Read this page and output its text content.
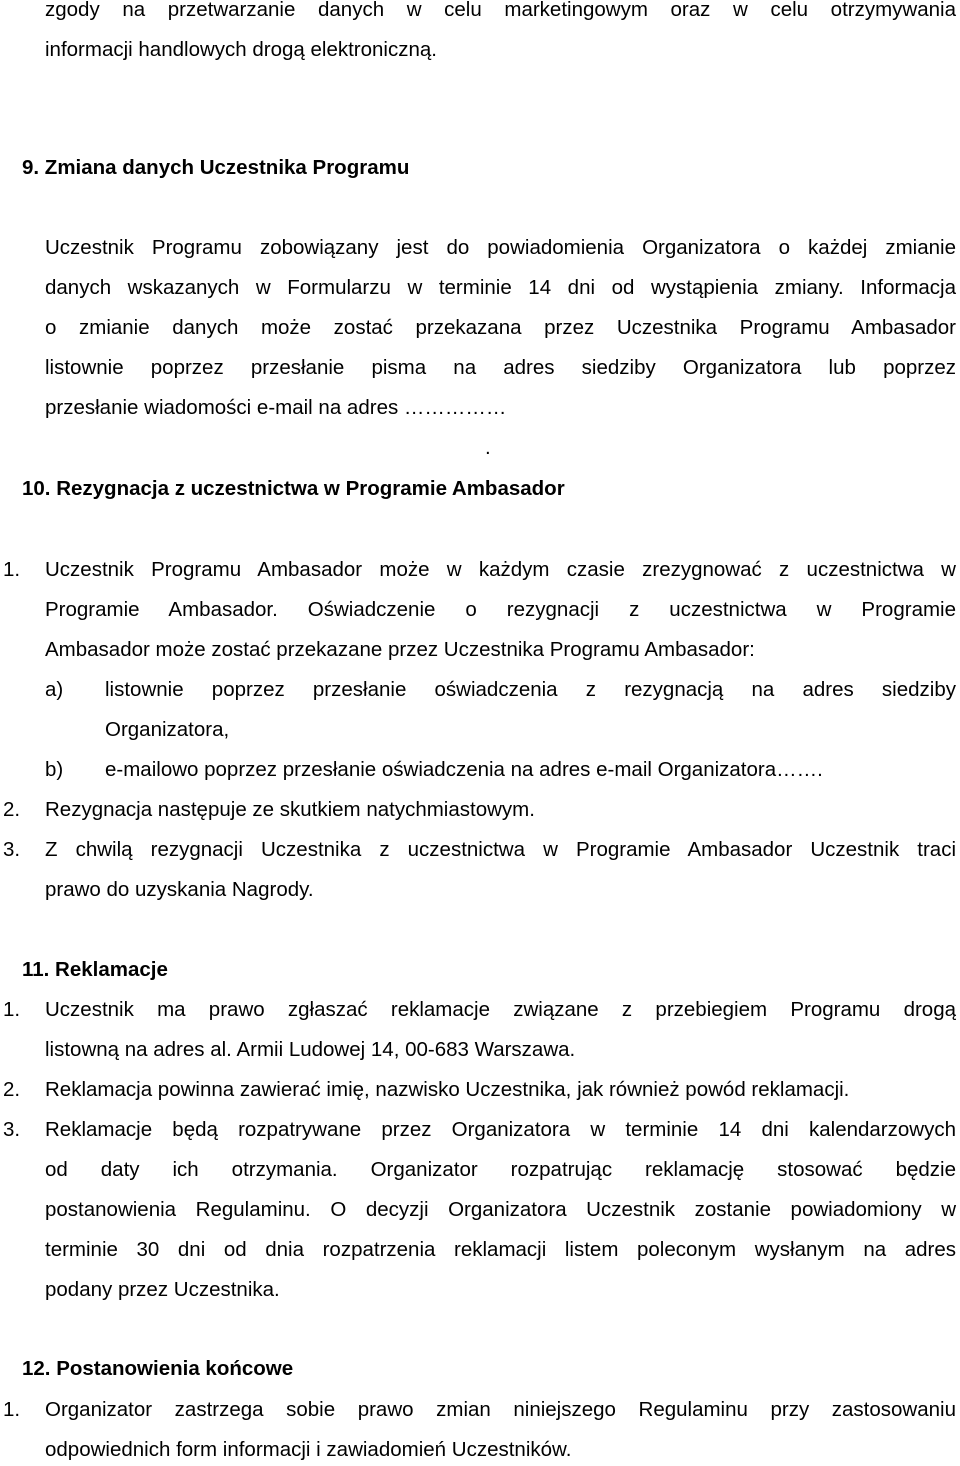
zgody na przetwarzanie danych w celu marketingowym oraz w celu otrzymywania
informacji handlowych drogą elektroniczną.
9. Zmiana danych Uczestnika Programu
Uczestnik Programu zobowiązany jest do powiadomienia Organizatora o każdej zmianie
danych wskazanych w Formularzu w terminie 14 dni od wystąpienia zmiany. Informacja
o zmianie danych może zostać przekazana przez Uczestnika Programu Ambasador
listownie poprzez przesłanie pisma na adres siedziby Organizatora lub poprzez
przesłanie wiadomości e-mail na adres ……………
.
10. Rezygnacja z uczestnictwa w Programie Ambasador
1. Uczestnik Programu Ambasador może w każdym czasie zrezygnować z uczestnictwa w
Programie Ambasador. Oświadczenie o rezygnacji z uczestnictwa w Programie
Ambasador może zostać przekazane przez Uczestnika Programu Ambasador:
a) listownie poprzez przesłanie oświadczenia z rezygnacją na adres siedziby
Organizatora,
b) e-mailowo poprzez przesłanie oświadczenia na adres e-mail Organizatora…….
2. Rezygnacja następuje ze skutkiem natychmiastowym.
3. Z chwilą rezygnacji Uczestnika z uczestnictwa w Programie Ambasador Uczestnik traci
prawo do uzyskania Nagrody.
11. Reklamacje
1. Uczestnik ma prawo zgłaszać reklamacje związane z przebiegiem Programu drogą
listowną na adres al. Armii Ludowej 14, 00-683 Warszawa.
2. Reklamacja powinna zawierać imię, nazwisko Uczestnika, jak również powód reklamacji.
3. Reklamacje będą rozpatrywane przez Organizatora w terminie 14 dni kalendarzowych
od daty ich otrzymania. Organizator rozpatrując reklamację stosować będzie
postanowienia Regulaminu. O decyzji Organizatora Uczestnik zostanie powiadomiony w
terminie 30 dni od dnia rozpatrzenia reklamacji listem poleconym wysłanym na adres
podany przez Uczestnika.
12. Postanowienia końcowe
1. Organizator zastrzega sobie prawo zmian niniejszego Regulaminu przy zastosowaniu
odpowiednich form informacji i zawiadomień Uczestników.
